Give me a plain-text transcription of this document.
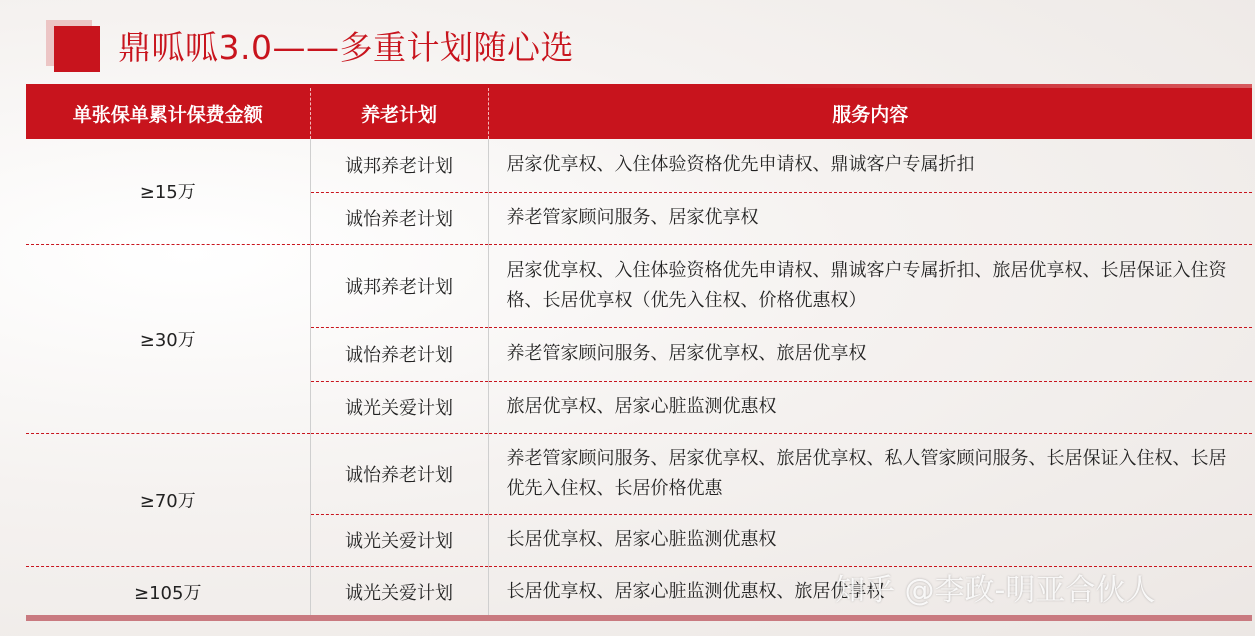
鼎呱呱3.0——多重计划随心选
单张保单累计保费金额	养老计划	服务内容
≥15万	诚邦养老计划	居家优享权、入住体验资格优先申请权、鼎诚客户专属折扣
	诚怡养老计划	养老管家顾问服务、居家优享权
≥30万	诚邦养老计划	居家优享权、入住体验资格优先申请权、鼎诚客户专属折扣、旅居优享权、长居保证入住资格、长居优享权（优先入住权、价格优惠权）
	诚怡养老计划	养老管家顾问服务、居家优享权、旅居优享权
	诚光关爱计划	旅居优享权、居家心脏监测优惠权
≥70万	诚怡养老计划	养老管家顾问服务、居家优享权、旅居优享权、私人管家顾问服务、长居保证入住权、长居优先入住权、长居价格优惠
	诚光关爱计划	长居优享权、居家心脏监测优惠权
≥105万	诚光关爱计划	长居优享权、居家心脏监测优惠权、旅居优享权
知乎 @李政-明亚合伙人
